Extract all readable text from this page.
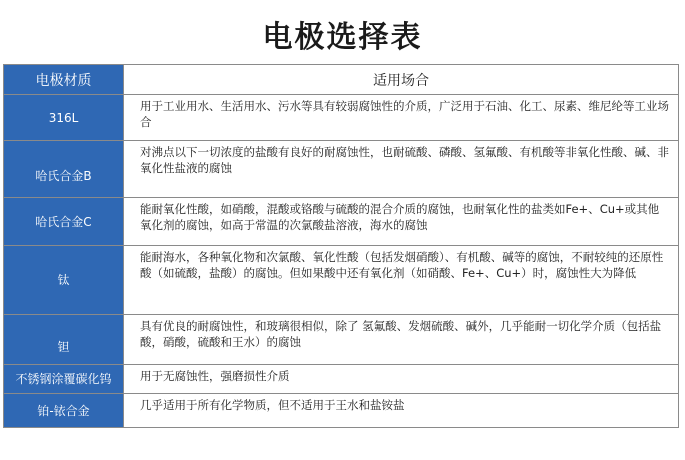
电极选择表
电极材质	适用场合
316L	用于工业用水、生活用水、污水等具有较弱腐蚀性的介质，广泛用于石油、化工、尿素、维尼纶等工业场合
哈氏合金B	对沸点以下一切浓度的盐酸有良好的耐腐蚀性，也耐硫酸、磷酸、氢氟酸、有机酸等非氧化性酸、碱、非氧化性盐液的腐蚀
哈氏合金C	能耐氧化性酸，如硝酸，混酸或铬酸与硫酸的混合介质的腐蚀，也耐氧化性的盐类如Fe+、Cu+或其他氧化剂的腐蚀，如高于常温的次氯酸盐溶液，海水的腐蚀
钛	能耐海水，各种氧化物和次氯酸、氧化性酸（包括发烟硝酸）、有机酸、碱等的腐蚀，不耐较纯的还原性酸（如硫酸，盐酸）的腐蚀。但如果酸中还有氧化剂（如硝酸、Fe+、Cu+）时，腐蚀性大为降低
钽	具有优良的耐腐蚀性，和玻璃很相似，除了 氢氟酸、发烟硫酸、碱外，几乎能耐一切化学介质（包括盐酸，硝酸，硫酸和王水）的腐蚀
不锈钢涂覆碳化钨	用于无腐蚀性，强磨损性介质
铂-铱合金	几乎适用于所有化学物质，但不适用于王水和盐铵盐
